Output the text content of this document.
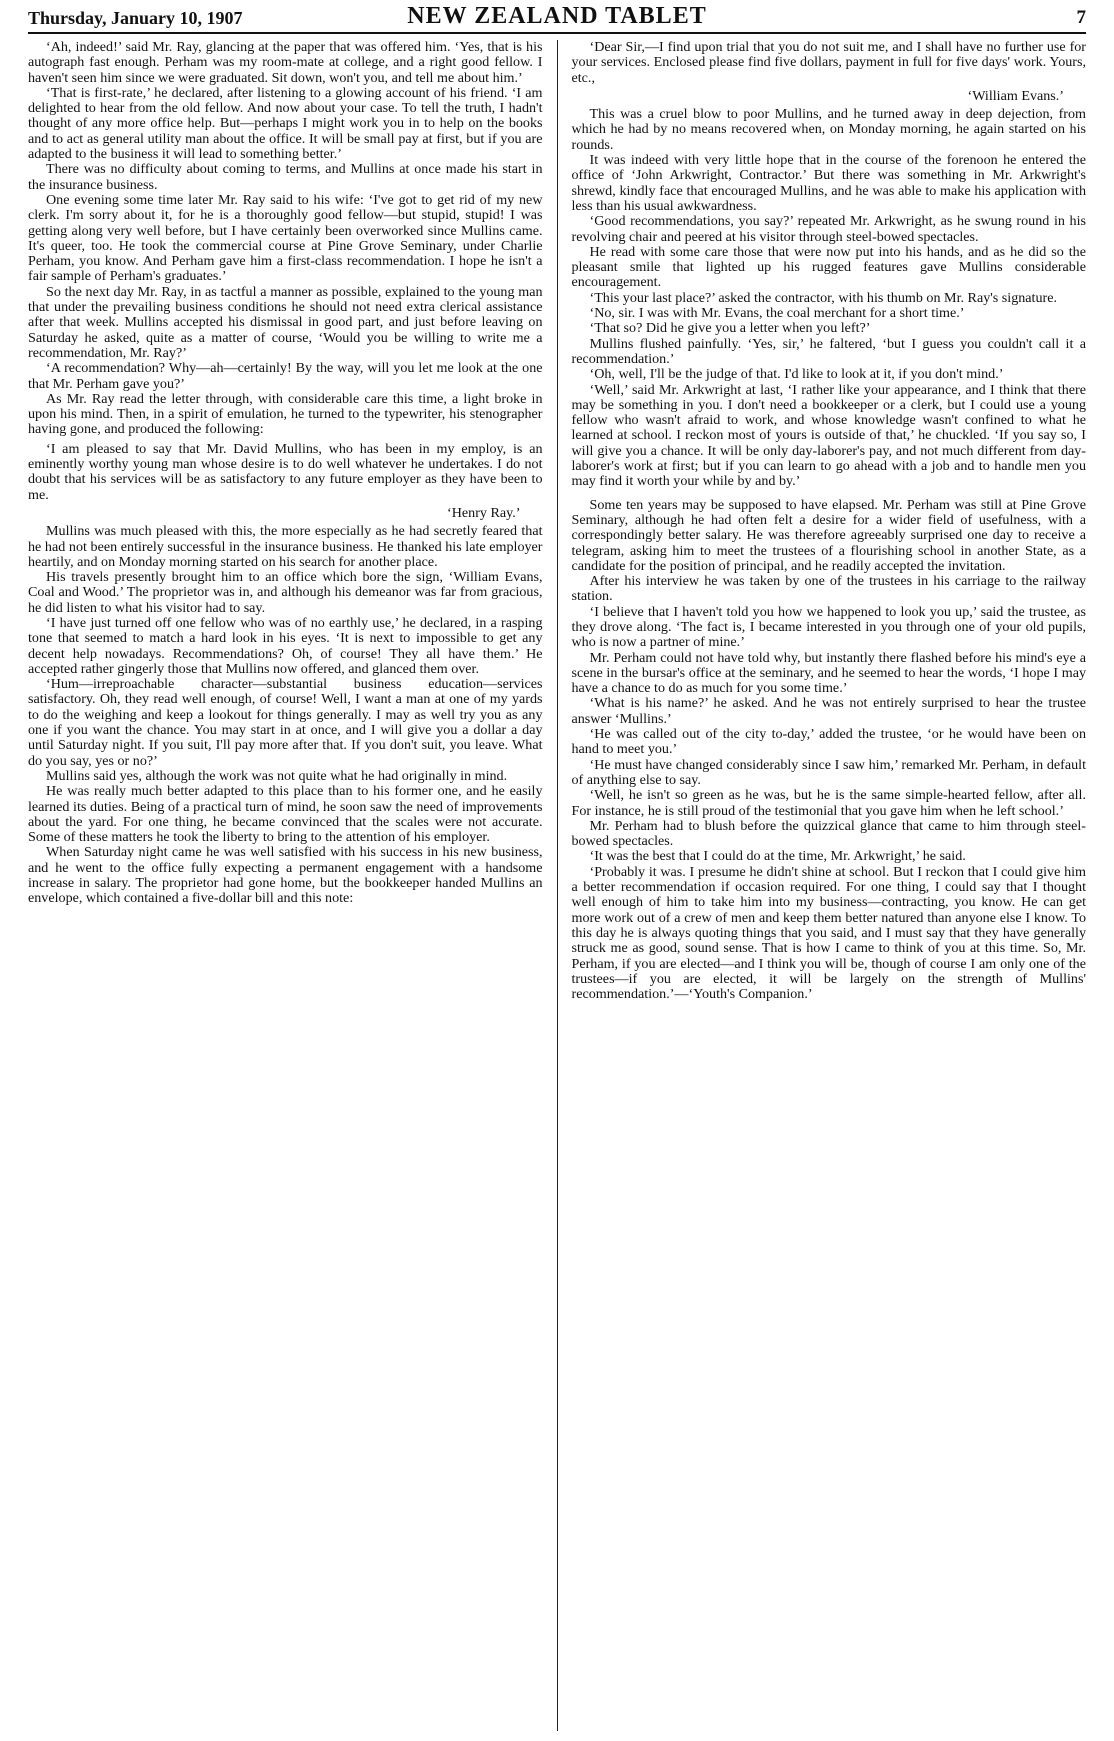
Thursday, January 10, 1907	NEW ZEALAND TABLET	7

‘Ah, indeed!’ said Mr. Ray, glancing at the paper that was offered him. ‘Yes, that is his autograph fast enough. Perham was my room-mate at college, and a right good fellow. I haven't seen him since we were graduated. Sit down, won't you, and tell me about him.’

‘That is first-rate,’ he declared, after listening to a glowing account of his friend. ‘I am delighted to hear from the old fellow. And now about your case. To tell the truth, I hadn't thought of any more office help. But—perhaps I might work you in to help on the books and to act as general utility man about the office. It will be small pay at first, but if you are adapted to the business it will lead to something better.’

There was no difficulty about coming to terms, and Mullins at once made his start in the insurance business.

One evening some time later Mr. Ray said to his wife: ‘I've got to get rid of my new clerk. I'm sorry about it, for he is a thoroughly good fellow—but stupid, stupid! I was getting along very well before, but I have certainly been overworked since Mullins came. It's queer, too. He took the commercial course at Pine Grove Seminary, under Charlie Perham, you know. And Perham gave him a first-class recommendation. I hope he isn't a fair sample of Perham's graduates.’

So the next day Mr. Ray, in as tactful a manner as possible, explained to the young man that under the prevailing business conditions he should not need extra clerical assistance after that week. Mullins accepted his dismissal in good part, and just before leaving on Saturday he asked, quite as a matter of course, ‘Would you be willing to write me a recommendation, Mr. Ray?’

‘A recommendation? Why—ah—certainly! By the way, will you let me look at the one that Mr. Perham gave you?’

As Mr. Ray read the letter through, with considerable care this time, a light broke in upon his mind. Then, in a spirit of emulation, he turned to the typewriter, his stenographer having gone, and produced the following:

‘I am pleased to say that Mr. David Mullins, who has been in my employ, is an eminently worthy young man whose desire is to do well whatever he undertakes. I do not doubt that his services will be as satisfactory to any future employer as they have been to me.

‘Henry Ray.’

Mullins was much pleased with this, the more especially as he had secretly feared that he had not been entirely successful in the insurance business. He thanked his late employer heartily, and on Monday morning started on his search for another place.

His travels presently brought him to an office which bore the sign, ‘William Evans, Coal and Wood.’ The proprietor was in, and although his demeanor was far from gracious, he did listen to what his visitor had to say.

‘I have just turned off one fellow who was of no earthly use,’ he declared, in a rasping tone that seemed to match a hard look in his eyes. ‘It is next to impossible to get any decent help nowadays. Recommendations? Oh, of course! They all have them.’ He accepted rather gingerly those that Mullins now offered, and glanced them over.

‘Hum—irreproachable character—substantial business education—services satisfactory. Oh, they read well enough, of course! Well, I want a man at one of my yards to do the weighing and keep a lookout for things generally. I may as well try you as any one if you want the chance. You may start in at once, and I will give you a dollar a day until Saturday night. If you suit, I'll pay more after that. If you don't suit, you leave. What do you say, yes or no?’

Mullins said yes, although the work was not quite what he had originally in mind.

He was really much better adapted to this place than to his former one, and he easily learned its duties. Being of a practical turn of mind, he soon saw the need of improvements about the yard. For one thing, he became convinced that the scales were not accurate. Some of these matters he took the liberty to bring to the attention of his employer.

When Saturday night came he was well satisfied with his success in his new business, and he went to the office fully expecting a permanent engagement with a handsome increase in salary. The proprietor had gone home, but the bookkeeper handed Mullins an envelope, which contained a five-dollar bill and this note:

‘Dear Sir,—I find upon trial that you do not suit me, and I shall have no further use for your services. Enclosed please find five dollars, payment in full for five days' work. Yours, etc.,

‘William Evans.’

This was a cruel blow to poor Mullins, and he turned away in deep dejection, from which he had by no means recovered when, on Monday morning, he again started on his rounds.

It was indeed with very little hope that in the course of the forenoon he entered the office of ‘John Arkwright, Contractor.’ But there was something in Mr. Arkwright's shrewd, kindly face that encouraged Mullins, and he was able to make his application with less than his usual awkwardness.

‘Good recommendations, you say?’ repeated Mr. Arkwright, as he swung round in his revolving chair and peered at his visitor through steel-bowed spectacles.

He read with some care those that were now put into his hands, and as he did so the pleasant smile that lighted up his rugged features gave Mullins considerable encouragement.

‘This your last place?’ asked the contractor, with his thumb on Mr. Ray's signature.

‘No, sir. I was with Mr. Evans, the coal merchant for a short time.’

‘That so? Did he give you a letter when you left?’

Mullins flushed painfully. ‘Yes, sir,’ he faltered, ‘but I guess you couldn't call it a recommendation.’

‘Oh, well, I'll be the judge of that. I'd like to look at it, if you don't mind.’

‘Well,’ said Mr. Arkwright at last, ‘I rather like your appearance, and I think that there may be something in you. I don't need a bookkeeper or a clerk, but I could use a young fellow who wasn't afraid to work, and whose knowledge wasn't confined to what he learned at school. I reckon most of yours is outside of that,’ he chuckled. ‘If you say so, I will give you a chance. It will be only day-laborer's pay, and not much different from day-laborer's work at first; but if you can learn to go ahead with a job and to handle men you may find it worth your while by and by.’

Some ten years may be supposed to have elapsed. Mr. Perham was still at Pine Grove Seminary, although he had often felt a desire for a wider field of usefulness, with a correspondingly better salary. He was therefore agreeably surprised one day to receive a telegram, asking him to meet the trustees of a flourishing school in another State, as a candidate for the position of principal, and he readily accepted the invitation.

After his interview he was taken by one of the trustees in his carriage to the railway station.

‘I believe that I haven't told you how we happened to look you up,’ said the trustee, as they drove along. ‘The fact is, I became interested in you through one of your old pupils, who is now a partner of mine.’

Mr. Perham could not have told why, but instantly there flashed before his mind's eye a scene in the bursar's office at the seminary, and he seemed to hear the words, ‘I hope I may have a chance to do as much for you some time.’

‘What is his name?’ he asked. And he was not entirely surprised to hear the trustee answer ‘Mullins.’

‘He was called out of the city to-day,’ added the trustee, ‘or he would have been on hand to meet you.’

‘He must have changed considerably since I saw him,’ remarked Mr. Perham, in default of anything else to say.

‘Well, he isn't so green as he was, but he is the same simple-hearted fellow, after all. For instance, he is still proud of the testimonial that you gave him when he left school.’

Mr. Perham had to blush before the quizzical glance that came to him through steel-bowed spectacles.

‘It was the best that I could do at the time, Mr. Arkwright,’ he said.

‘Probably it was. I presume he didn't shine at school. But I reckon that I could give him a better recommendation if occasion required. For one thing, I could say that I thought well enough of him to take him into my business—contracting, you know. He can get more work out of a crew of men and keep them better natured than anyone else I know. To this day he is always quoting things that you said, and I must say that they have generally struck me as good, sound sense. That is how I came to think of you at this time. So, Mr. Perham, if you are elected—and I think you will be, though of course I am only one of the trustees—if you are elected, it will be largely on the strength of Mullins' recommendation.’—‘Youth's Companion.’
